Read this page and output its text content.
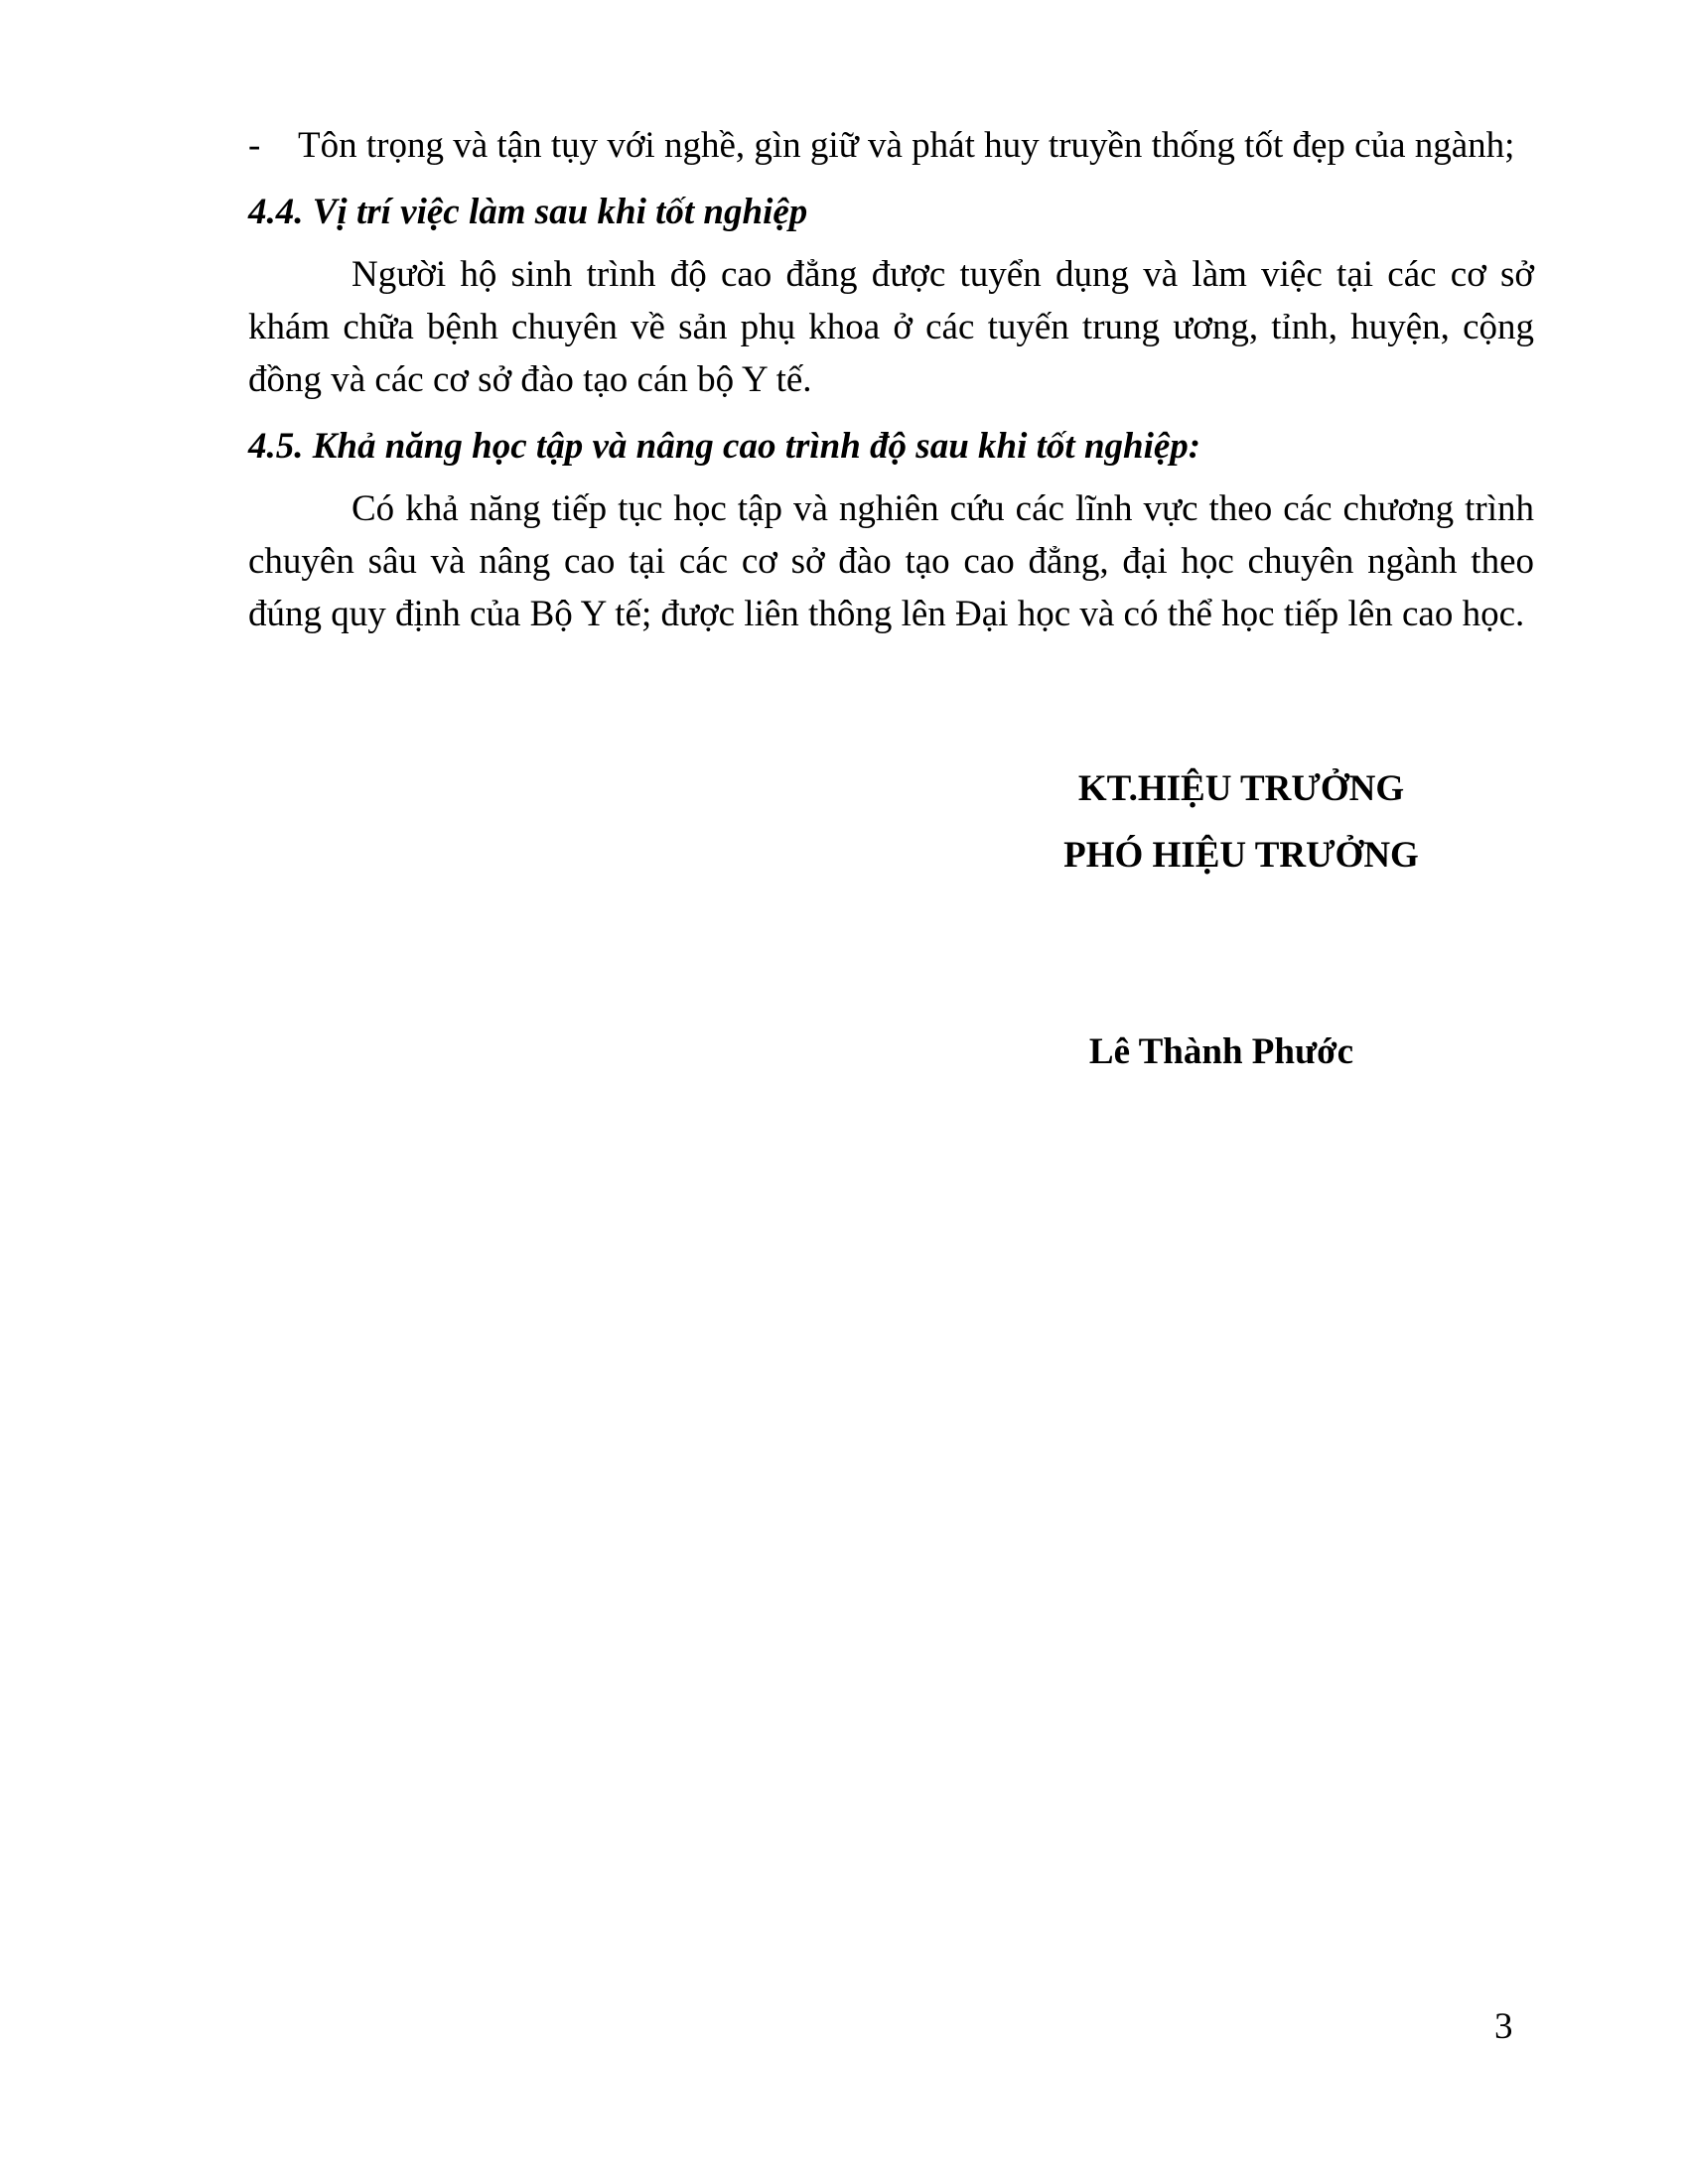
- Tôn trọng và tận tụy với nghề, gìn giữ và phát huy truyền thống tốt đẹp của ngành;
4.4. Vị trí việc làm sau khi tốt nghiệp
Người hộ sinh trình độ cao đẳng được tuyển dụng và làm việc tại các cơ sở khám chữa bệnh chuyên về sản phụ khoa ở các tuyến trung ương, tỉnh, huyện, cộng đồng và các cơ sở đào tạo cán bộ Y tế.
4.5. Khả năng học tập và nâng cao trình độ sau khi tốt nghiệp:
Có khả năng tiếp tục học tập và nghiên cứu các lĩnh vực theo các chương trình chuyên sâu và nâng cao tại các cơ sở đào tạo cao đẳng, đại học chuyên ngành theo đúng quy định của Bộ Y tế; được liên thông lên Đại học và có thể học tiếp lên cao học.
KT.HIỆU TRƯỞNG
PHÓ HIỆU TRƯỞNG
Lê Thành Phước
3
